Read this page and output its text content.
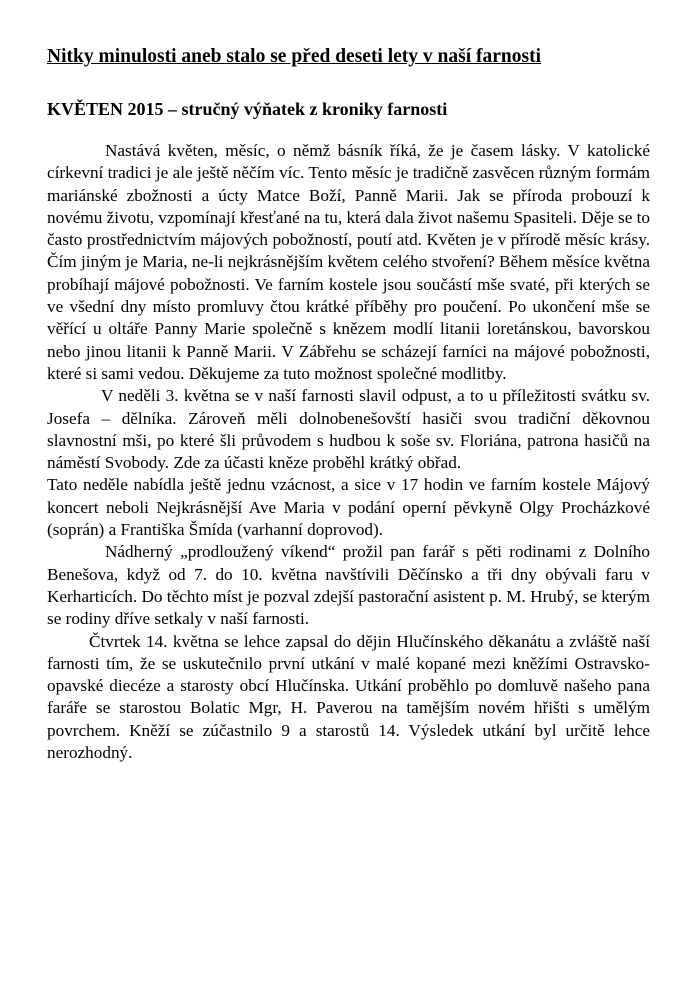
Nitky minulosti aneb stalo se před deseti lety v naší farnosti
KVĚTEN 2015 – stručný výňatek z kroniky farnosti

Nastává květen, měsíc, o němž básník říká, že je časem lásky. V katolické církevní tradici je ale ještě něčím víc. Tento měsíc je tradičně zasvěcen různým formám mariánské zbožnosti a úcty Matce Boží, Panně Marii. Jak se příroda probouzí k novému životu, vzpomínají křesťané na tu, která dala život našemu Spasiteli. Děje se to často prostřednictvím májových pobožností, poutí atd. Květen je v přírodě měsíc krásy. Čím jiným je Maria, ne-li nejkrásnějším květem celého stvoření? Během měsíce května probíhají májové pobožnosti. Ve farním kostele jsou součástí mše svaté, při kterých se ve všední dny místo promluvy čtou krátké příběhy pro poučení. Po ukončení mše se věřící u oltáře Panny Marie společně s knězem modlí litanii loretánskou, bavorskou nebo jinou litanii k Panně Marii. V Zábřehu se scházejí farníci na májové pobožnosti, které si sami vedou. Děkujeme za tuto možnost společné modlitby.

V neděli 3. května se v naší farnosti slavil odpust, a to u příležitosti svátku sv. Josefa – dělníka. Zároveň měli dolnobenešovští hasiči svou tradiční děkovnou slavnostní mši, po které šli průvodem s hudbou k soše sv. Floriána, patrona hasičů na náměstí Svobody. Zde za účasti kněze proběhl krátký obřad.

Tato neděle nabídla ještě jednu vzácnost, a sice v 17 hodin ve farním kostele Májový koncert neboli Nejkrásnější Ave Maria v podání operní pěvkyně Olgy Procházkové (soprán) a Františka Šmída (varhanní doprovod).

Nádherný „prodloužený víkend“ prožil pan farář s pěti rodinami z Dolního Benešova, když od 7. do 10. května navštívili Děčínsko a tři dny obývali faru v Kerharticích. Do těchto míst je pozval zdejší pastorační asistent p. M. Hrubý, se kterým se rodiny dříve setkaly v naší farnosti.

Čtvrtek 14. května se lehce zapsal do dějin Hlučínského děkanátu a zvláště naší farnosti tím, že se uskutečnilo první utkání v malé kopané mezi kněžími Ostravsko-opavské diecéze a starosty obcí Hlučínska. Utkání proběhlo po domluvě našeho pana faráře se starostou Bolatic Mgr, H. Paverou na tamějším novém hřišti s umělým povrchem. Kněží se zúčastnilo 9 a starostů 14. Výsledek utkání byl určitě lehce nerozhodný.
